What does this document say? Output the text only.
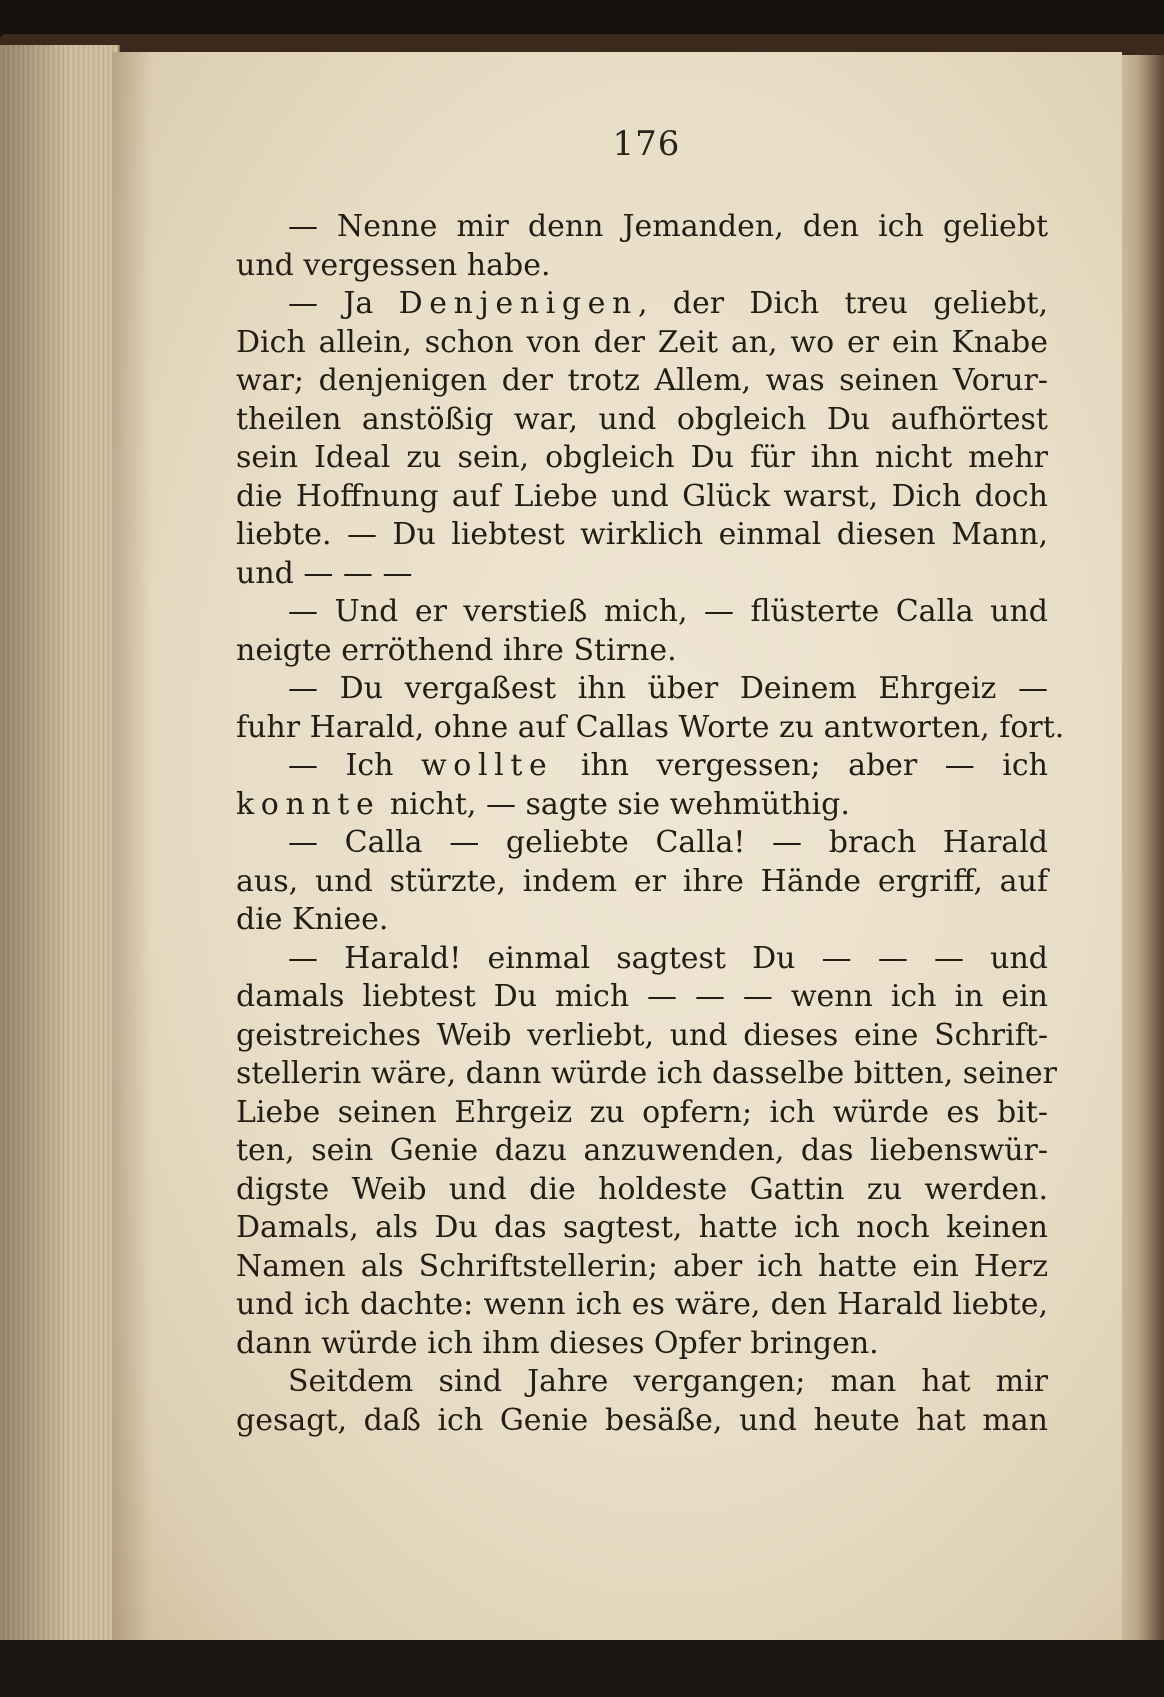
176
— Nenne mir denn Jemanden, den ich geliebt
und vergessen habe.
— Ja Denjenigen, der Dich treu geliebt,
Dich allein, schon von der Zeit an, wo er ein Knabe
war; denjenigen der trotz Allem, was seinen Vorur-
theilen anstößig war, und obgleich Du aufhörtest
sein Ideal zu sein, obgleich Du für ihn nicht mehr
die Hoffnung auf Liebe und Glück warst, Dich doch
liebte. — Du liebtest wirklich einmal diesen Mann,
und — — —
— Und er verstieß mich, — flüsterte Calla und
neigte erröthend ihre Stirne.
— Du vergaßest ihn über Deinem Ehrgeiz —
fuhr Harald, ohne auf Callas Worte zu antworten, fort.
— Ich wollte ihn vergessen; aber — ich
konnte nicht, — sagte sie wehmüthig.
— Calla — geliebte Calla! — brach Harald
aus, und stürzte, indem er ihre Hände ergriff, auf
die Kniee.
— Harald! einmal sagtest Du — — — und
damals liebtest Du mich — — — wenn ich in ein
geistreiches Weib verliebt, und dieses eine Schrift-
stellerin wäre, dann würde ich dasselbe bitten, seiner
Liebe seinen Ehrgeiz zu opfern; ich würde es bit-
ten, sein Genie dazu anzuwenden, das liebenswür-
digste Weib und die holdeste Gattin zu werden.
Damals, als Du das sagtest, hatte ich noch keinen
Namen als Schriftstellerin; aber ich hatte ein Herz
und ich dachte: wenn ich es wäre, den Harald liebte,
dann würde ich ihm dieses Opfer bringen.
Seitdem sind Jahre vergangen; man hat mir
gesagt, daß ich Genie besäße, und heute hat man
